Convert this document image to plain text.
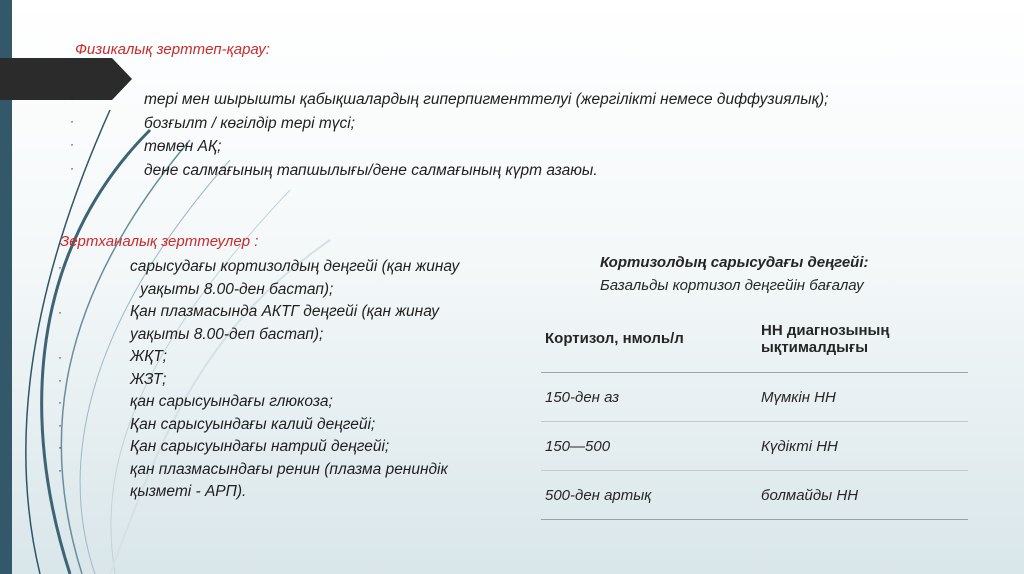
Физикалық зерттеп-қарау:
·	тері мен шырышты қабықшалардың гиперпигменттелуі (жергілікті немесе диффузиялық);
·	бозғылт / көгілдір тері түсі;
·	төмен АҚ;
·	дене салмағының тапшылығы/дене салмағының күрт азаюы.
Зертханалық зерттеулер :
·	сарысудағы кортизолдың деңгейі (қан жинау
уақыты 8.00-ден бастап);
·	Қан плазмасында АКТГ деңгейі (қан жинау
уақыты 8.00-деп бастап);
·	ЖҚТ;
·	ЖЗТ;
·	қан сарысуындағы глюкоза;
·	Қан сарысуындағы калий деңгейі;
·	Қан сарысуындағы натрий деңгейі;
·	қан плазмасындағы ренин (плазма рениндік
қызметі - АРП).
Кортизолдың сарысудағы деңгейі:
Базальды кортизол деңгейін бағалау
Кортизол, нмоль/л	НН диагнозының ықтималдығы
150-ден аз	Мүмкін НН
150—500	Күдікті НН
500-ден артық	болмайды НН
